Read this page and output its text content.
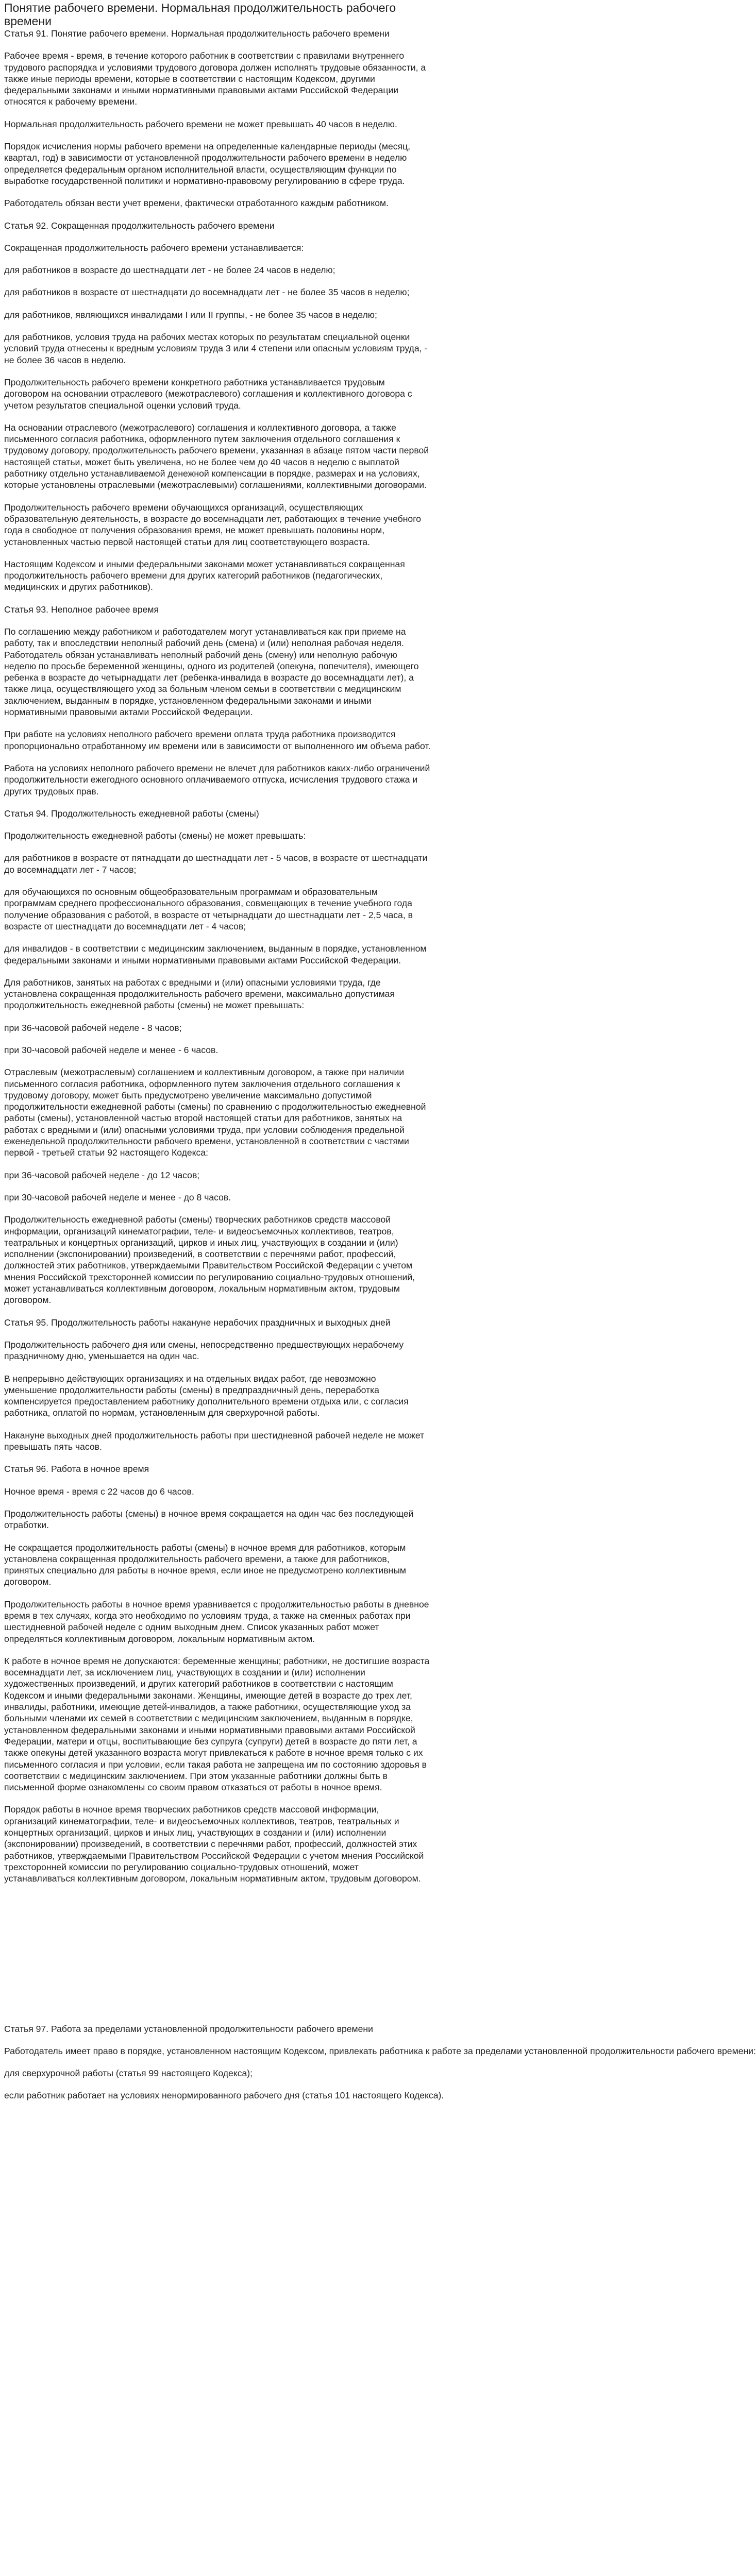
Понятие рабочего времени. Нормальная продолжительность рабочего времени

Статья 91. Понятие рабочего времени. Нормальная продолжительность рабочего времени

Рабочее время - время, в течение которого работник в соответствии с правилами внутреннего трудового распорядка и условиями трудового договора должен исполнять трудовые обязанности, а также иные периоды времени, которые в соответствии с настоящим Кодексом, другими федеральными законами и иными нормативными правовыми актами Российской Федерации относятся к рабочему времени.

Нормальная продолжительность рабочего времени не может превышать 40 часов в неделю.

Порядок исчисления нормы рабочего времени на определенные календарные периоды (месяц, квартал, год) в зависимости от установленной продолжительности рабочего времени в неделю определяется федеральным органом исполнительной власти, осуществляющим функции по выработке государственной политики и нормативно-правовому регулированию в сфере труда.

Работодатель обязан вести учет времени, фактически отработанного каждым работником.

Статья 92. Сокращенная продолжительность рабочего времени

Сокращенная продолжительность рабочего времени устанавливается:

для работников в возрасте до шестнадцати лет - не более 24 часов в неделю;

для работников в возрасте от шестнадцати до восемнадцати лет - не более 35 часов в неделю;

для работников, являющихся инвалидами I или II группы, - не более 35 часов в неделю;

для работников, условия труда на рабочих местах которых по результатам специальной оценки условий труда отнесены к вредным условиям труда 3 или 4 степени или опасным условиям труда, - не более 36 часов в неделю.

Продолжительность рабочего времени конкретного работника устанавливается трудовым договором на основании отраслевого (межотраслевого) соглашения и коллективного договора с учетом результатов специальной оценки условий труда.

На основании отраслевого (межотраслевого) соглашения и коллективного договора, а также письменного согласия работника, оформленного путем заключения отдельного соглашения к трудовому договору, продолжительность рабочего времени, указанная в абзаце пятом части первой настоящей статьи, может быть увеличена, но не более чем до 40 часов в неделю с выплатой работнику отдельно устанавливаемой денежной компенсации в порядке, размерах и на условиях, которые установлены отраслевыми (межотраслевыми) соглашениями, коллективными договорами.

Продолжительность рабочего времени обучающихся организаций, осуществляющих образовательную деятельность, в возрасте до восемнадцати лет, работающих в течение учебного года в свободное от получения образования время, не может превышать половины норм, установленных частью первой настоящей статьи для лиц соответствующего возраста.

Настоящим Кодексом и иными федеральными законами может устанавливаться сокращенная продолжительность рабочего времени для других категорий работников (педагогических, медицинских и других работников).

Статья 93. Неполное рабочее время

По соглашению между работником и работодателем могут устанавливаться как при приеме на работу, так и впоследствии неполный рабочий день (смена) и (или) неполная рабочая неделя. Работодатель обязан устанавливать неполный рабочий день (смену) или неполную рабочую неделю по просьбе беременной женщины, одного из родителей (опекуна, попечителя), имеющего ребенка в возрасте до четырнадцати лет (ребенка-инвалида в возрасте до восемнадцати лет), а также лица, осуществляющего уход за больным членом семьи в соответствии с медицинским заключением, выданным в порядке, установленном федеральными законами и иными нормативными правовыми актами Российской Федерации.

При работе на условиях неполного рабочего времени оплата труда работника производится пропорционально отработанному им времени или в зависимости от выполненного им объема работ.

Работа на условиях неполного рабочего времени не влечет для работников каких-либо ограничений продолжительности ежегодного основного оплачиваемого отпуска, исчисления трудового стажа и других трудовых прав.

Статья 94. Продолжительность ежедневной работы (смены)

Продолжительность ежедневной работы (смены) не может превышать:

для работников в возрасте от пятнадцати до шестнадцати лет - 5 часов, в возрасте от шестнадцати до восемнадцати лет - 7 часов;

для обучающихся по основным общеобразовательным программам и образовательным программам среднего профессионального образования, совмещающих в течение учебного года получение образования с работой, в возрасте от четырнадцати до шестнадцати лет - 2,5 часа, в возрасте от шестнадцати до восемнадцати лет - 4 часов;

для инвалидов - в соответствии с медицинским заключением, выданным в порядке, установленном федеральными законами и иными нормативными правовыми актами Российской Федерации.

Для работников, занятых на работах с вредными и (или) опасными условиями труда, где установлена сокращенная продолжительность рабочего времени, максимально допустимая продолжительность ежедневной работы (смены) не может превышать:

при 36-часовой рабочей неделе - 8 часов;

при 30-часовой рабочей неделе и менее - 6 часов.

Отраслевым (межотраслевым) соглашением и коллективным договором, а также при наличии письменного согласия работника, оформленного путем заключения отдельного соглашения к трудовому договору, может быть предусмотрено увеличение максимально допустимой продолжительности ежедневной работы (смены) по сравнению с продолжительностью ежедневной работы (смены), установленной частью второй настоящей статьи для работников, занятых на работах с вредными и (или) опасными условиями труда, при условии соблюдения предельной еженедельной продолжительности рабочего времени, установленной в соответствии с частями первой - третьей статьи 92 настоящего Кодекса:

при 36-часовой рабочей неделе - до 12 часов;

при 30-часовой рабочей неделе и менее - до 8 часов.

Продолжительность ежедневной работы (смены) творческих работников средств массовой информации, организаций кинематографии, теле- и видеосъемочных коллективов, театров, театральных и концертных организаций, цирков и иных лиц, участвующих в создании и (или) исполнении (экспонировании) произведений, в соответствии с перечнями работ, профессий, должностей этих работников, утверждаемыми Правительством Российской Федерации с учетом мнения Российской трехсторонней комиссии по регулированию социально-трудовых отношений, может устанавливаться коллективным договором, локальным нормативным актом, трудовым договором.

Статья 95. Продолжительность работы накануне нерабочих праздничных и выходных дней

Продолжительность рабочего дня или смены, непосредственно предшествующих нерабочему праздничному дню, уменьшается на один час.

В непрерывно действующих организациях и на отдельных видах работ, где невозможно уменьшение продолжительности работы (смены) в предпраздничный день, переработка компенсируется предоставлением работнику дополнительного времени отдыха или, с согласия работника, оплатой по нормам, установленным для сверхурочной работы.

Накануне выходных дней продолжительность работы при шестидневной рабочей неделе не может превышать пять часов.

Статья 96. Работа в ночное время

Ночное время - время с 22 часов до 6 часов.

Продолжительность работы (смены) в ночное время сокращается на один час без последующей отработки.

Не сокращается продолжительность работы (смены) в ночное время для работников, которым установлена сокращенная продолжительность рабочего времени, а также для работников, принятых специально для работы в ночное время, если иное не предусмотрено коллективным договором.

Продолжительность работы в ночное время уравнивается с продолжительностью работы в дневное время в тех случаях, когда это необходимо по условиям труда, а также на сменных работах при шестидневной рабочей неделе с одним выходным днем. Список указанных работ может определяться коллективным договором, локальным нормативным актом.

К работе в ночное время не допускаются: беременные женщины; работники, не достигшие возраста восемнадцати лет, за исключением лиц, участвующих в создании и (или) исполнении художественных произведений, и других категорий работников в соответствии с настоящим Кодексом и иными федеральными законами. Женщины, имеющие детей в возрасте до трех лет, инвалиды, работники, имеющие детей-инвалидов, а также работники, осуществляющие уход за больными членами их семей в соответствии с медицинским заключением, выданным в порядке, установленном федеральными законами и иными нормативными правовыми актами Российской Федерации, матери и отцы, воспитывающие без супруга (супруги) детей в возрасте до пяти лет, а также опекуны детей указанного возраста могут привлекаться к работе в ночное время только с их письменного согласия и при условии, если такая работа не запрещена им по состоянию здоровья в соответствии с медицинским заключением. При этом указанные работники должны быть в письменной форме ознакомлены со своим правом отказаться от работы в ночное время.

Порядок работы в ночное время творческих работников средств массовой информации, организаций кинематографии, теле- и видеосъемочных коллективов, театров, театральных и концертных организаций, цирков и иных лиц, участвующих в создании и (или) исполнении (экспонировании) произведений, в соответствии с перечнями работ, профессий, должностей этих работников, утверждаемыми Правительством Российской Федерации с учетом мнения Российской трехсторонней комиссии по регулированию социально-трудовых отношений, может устанавливаться коллективным договором, локальным нормативным актом, трудовым договором.

Статья 97. Работа за пределами установленной продолжительности рабочего времени

Работодатель имеет право в порядке, установленном настоящим Кодексом, привлекать работника к работе за пределами установленной продолжительности рабочего времени:

для сверхурочной работы (статья 99 настоящего Кодекса);

если работник работает на условиях ненормированного рабочего дня (статья 101 настоящего Кодекса).
